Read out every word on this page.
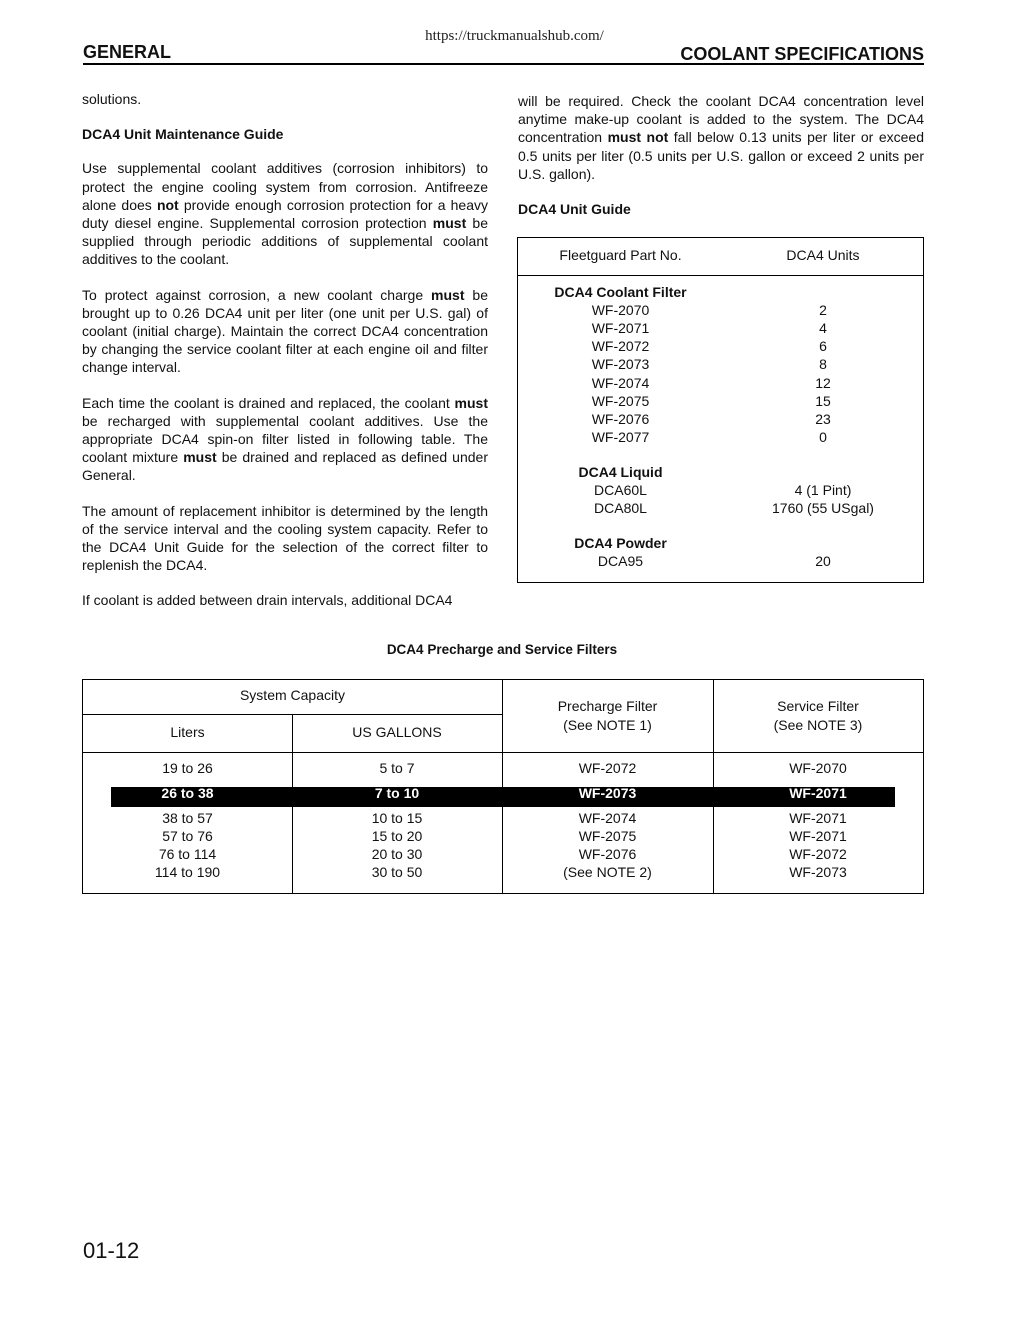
https://truckmanualshub.com/
GENERAL	COOLANT SPECIFICATIONS

solutions.

DCA4 Unit Maintenance Guide

Use supplemental coolant additives (corrosion inhibitors) to protect the engine cooling system from corrosion. Antifreeze alone does not provide enough corrosion protection for a heavy duty diesel engine. Supplemental corrosion protection must be supplied through periodic additions of supplemental coolant additives to the coolant.

To protect against corrosion, a new coolant charge must be brought up to 0.26 DCA4 unit per liter (one unit per U.S. gal) of coolant (initial charge). Maintain the correct DCA4 concentration by changing the service coolant filter at each engine oil and filter change interval.

Each time the coolant is drained and replaced, the coolant must be recharged with supplemental coolant additives. Use the appropriate DCA4 spin-on filter listed in following table. The coolant mixture must be drained and replaced as defined under General.

The amount of replacement inhibitor is determined by the length of the service interval and the cooling system capacity. Refer to the DCA4 Unit Guide for the selection of the correct filter to replenish the DCA4.

If coolant is added between drain intervals, additional DCA4

will be required. Check the coolant DCA4 concentration level anytime make-up coolant is added to the system. The DCA4 concentration must not fall below 0.13 units per liter or exceed 0.5 units per liter (0.5 units per U.S. gallon or exceed 2 units per U.S. gallon).

DCA4 Unit Guide

Fleetguard Part No.	DCA4 Units
DCA4 Coolant Filter
WF-2070	2
WF-2071	4
WF-2072	6
WF-2073	8
WF-2074	12
WF-2075	15
WF-2076	23
WF-2077	0
DCA4 Liquid
DCA60L	4 (1 Pint)
DCA80L	1760 (55 USgal)
DCA4 Powder
DCA95	20
DCA4 Precharge and Service Filters
System Capacity
Liters	US GALLONS
Precharge Filter
(See NOTE 1)
Service Filter
(See NOTE 3)
19 to 26	5 to 7	WF-2072	WF-2070
26 to 38	7 to 10	WF-2073	WF-2071
38 to 57	10 to 15	WF-2074	WF-2071
57 to 76	15 to 20	WF-2075	WF-2071
76 to 114	20 to 30	WF-2076	WF-2072
114 to 190	30 to 50	(See NOTE 2)	WF-2073
01-12
